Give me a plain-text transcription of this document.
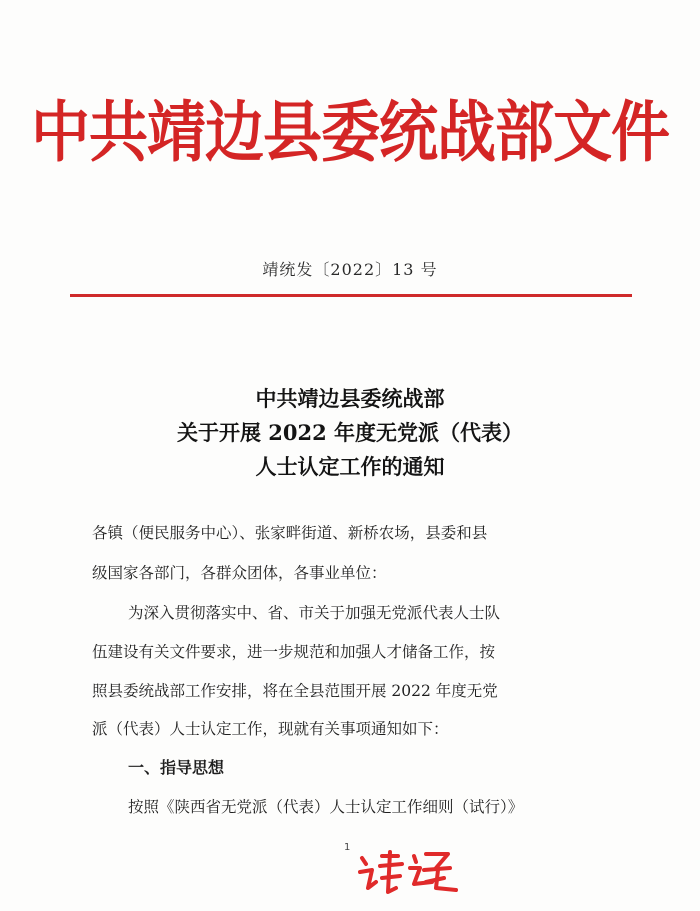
中共靖边县委统战部文件
靖统发〔2022〕13 号
中共靖边县委统战部
关于开展 2022 年度无党派（代表）
人士认定工作的通知
各镇（便民服务中心）、张家畔街道、新桥农场，县委和县
级国家各部门，各群众团体，各事业单位：
为深入贯彻落实中、省、市关于加强无党派代表人士队
伍建设有关文件要求，进一步规范和加强人才储备工作，按
照县委统战部工作安排，将在全县范围开展 2022 年度无党
派（代表）人士认定工作，现就有关事项通知如下：
一、指导思想
按照《陕西省无党派（代表）人士认定工作细则（试行）》
1
